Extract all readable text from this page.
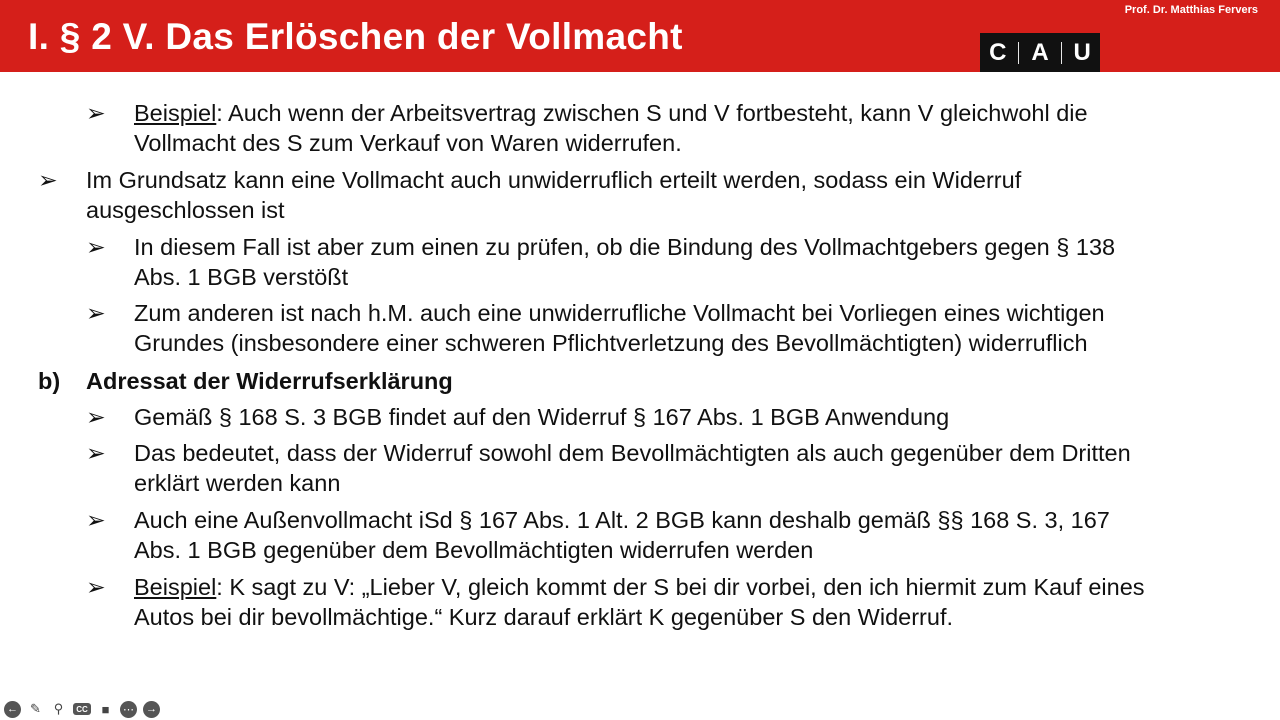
I. § 2 V. Das Erlöschen der Vollmacht
Prof. Dr. Matthias Fervers
C A U
➢ Beispiel: Auch wenn der Arbeitsvertrag zwischen S und V fortbesteht, kann V gleichwohl die
Vollmacht des S zum Verkauf von Waren widerrufen.
➢ Im Grundsatz kann eine Vollmacht auch unwiderruflich erteilt werden, sodass ein Widerruf
ausgeschlossen ist
➢ In diesem Fall ist aber zum einen zu prüfen, ob die Bindung des Vollmachtgebers gegen § 138
Abs. 1 BGB verstößt
➢ Zum anderen ist nach h.M. auch eine unwiderrufliche Vollmacht bei Vorliegen eines wichtigen
Grundes (insbesondere einer schweren Pflichtverletzung des Bevollmächtigten) widerruflich
b) Adressat der Widerrufserklärung
➢ Gemäß § 168 S. 3 BGB findet auf den Widerruf § 167 Abs. 1 BGB Anwendung
➢ Das bedeutet, dass der Widerruf sowohl dem Bevollmächtigten als auch gegenüber dem Dritten
erklärt werden kann
➢ Auch eine Außenvollmacht iSd § 167 Abs. 1 Alt. 2 BGB kann deshalb gemäß §§ 168 S. 3, 167
Abs. 1 BGB gegenüber dem Bevollmächtigten widerrufen werden
➢ Beispiel: K sagt zu V: „Lieber V, gleich kommt der S bei dir vorbei, den ich hiermit zum Kauf eines
Autos bei dir bevollmächtige.“ Kurz darauf erklärt K gegenüber S den Widerruf.
← ✎ ⚲	CC	■	⋯ →
